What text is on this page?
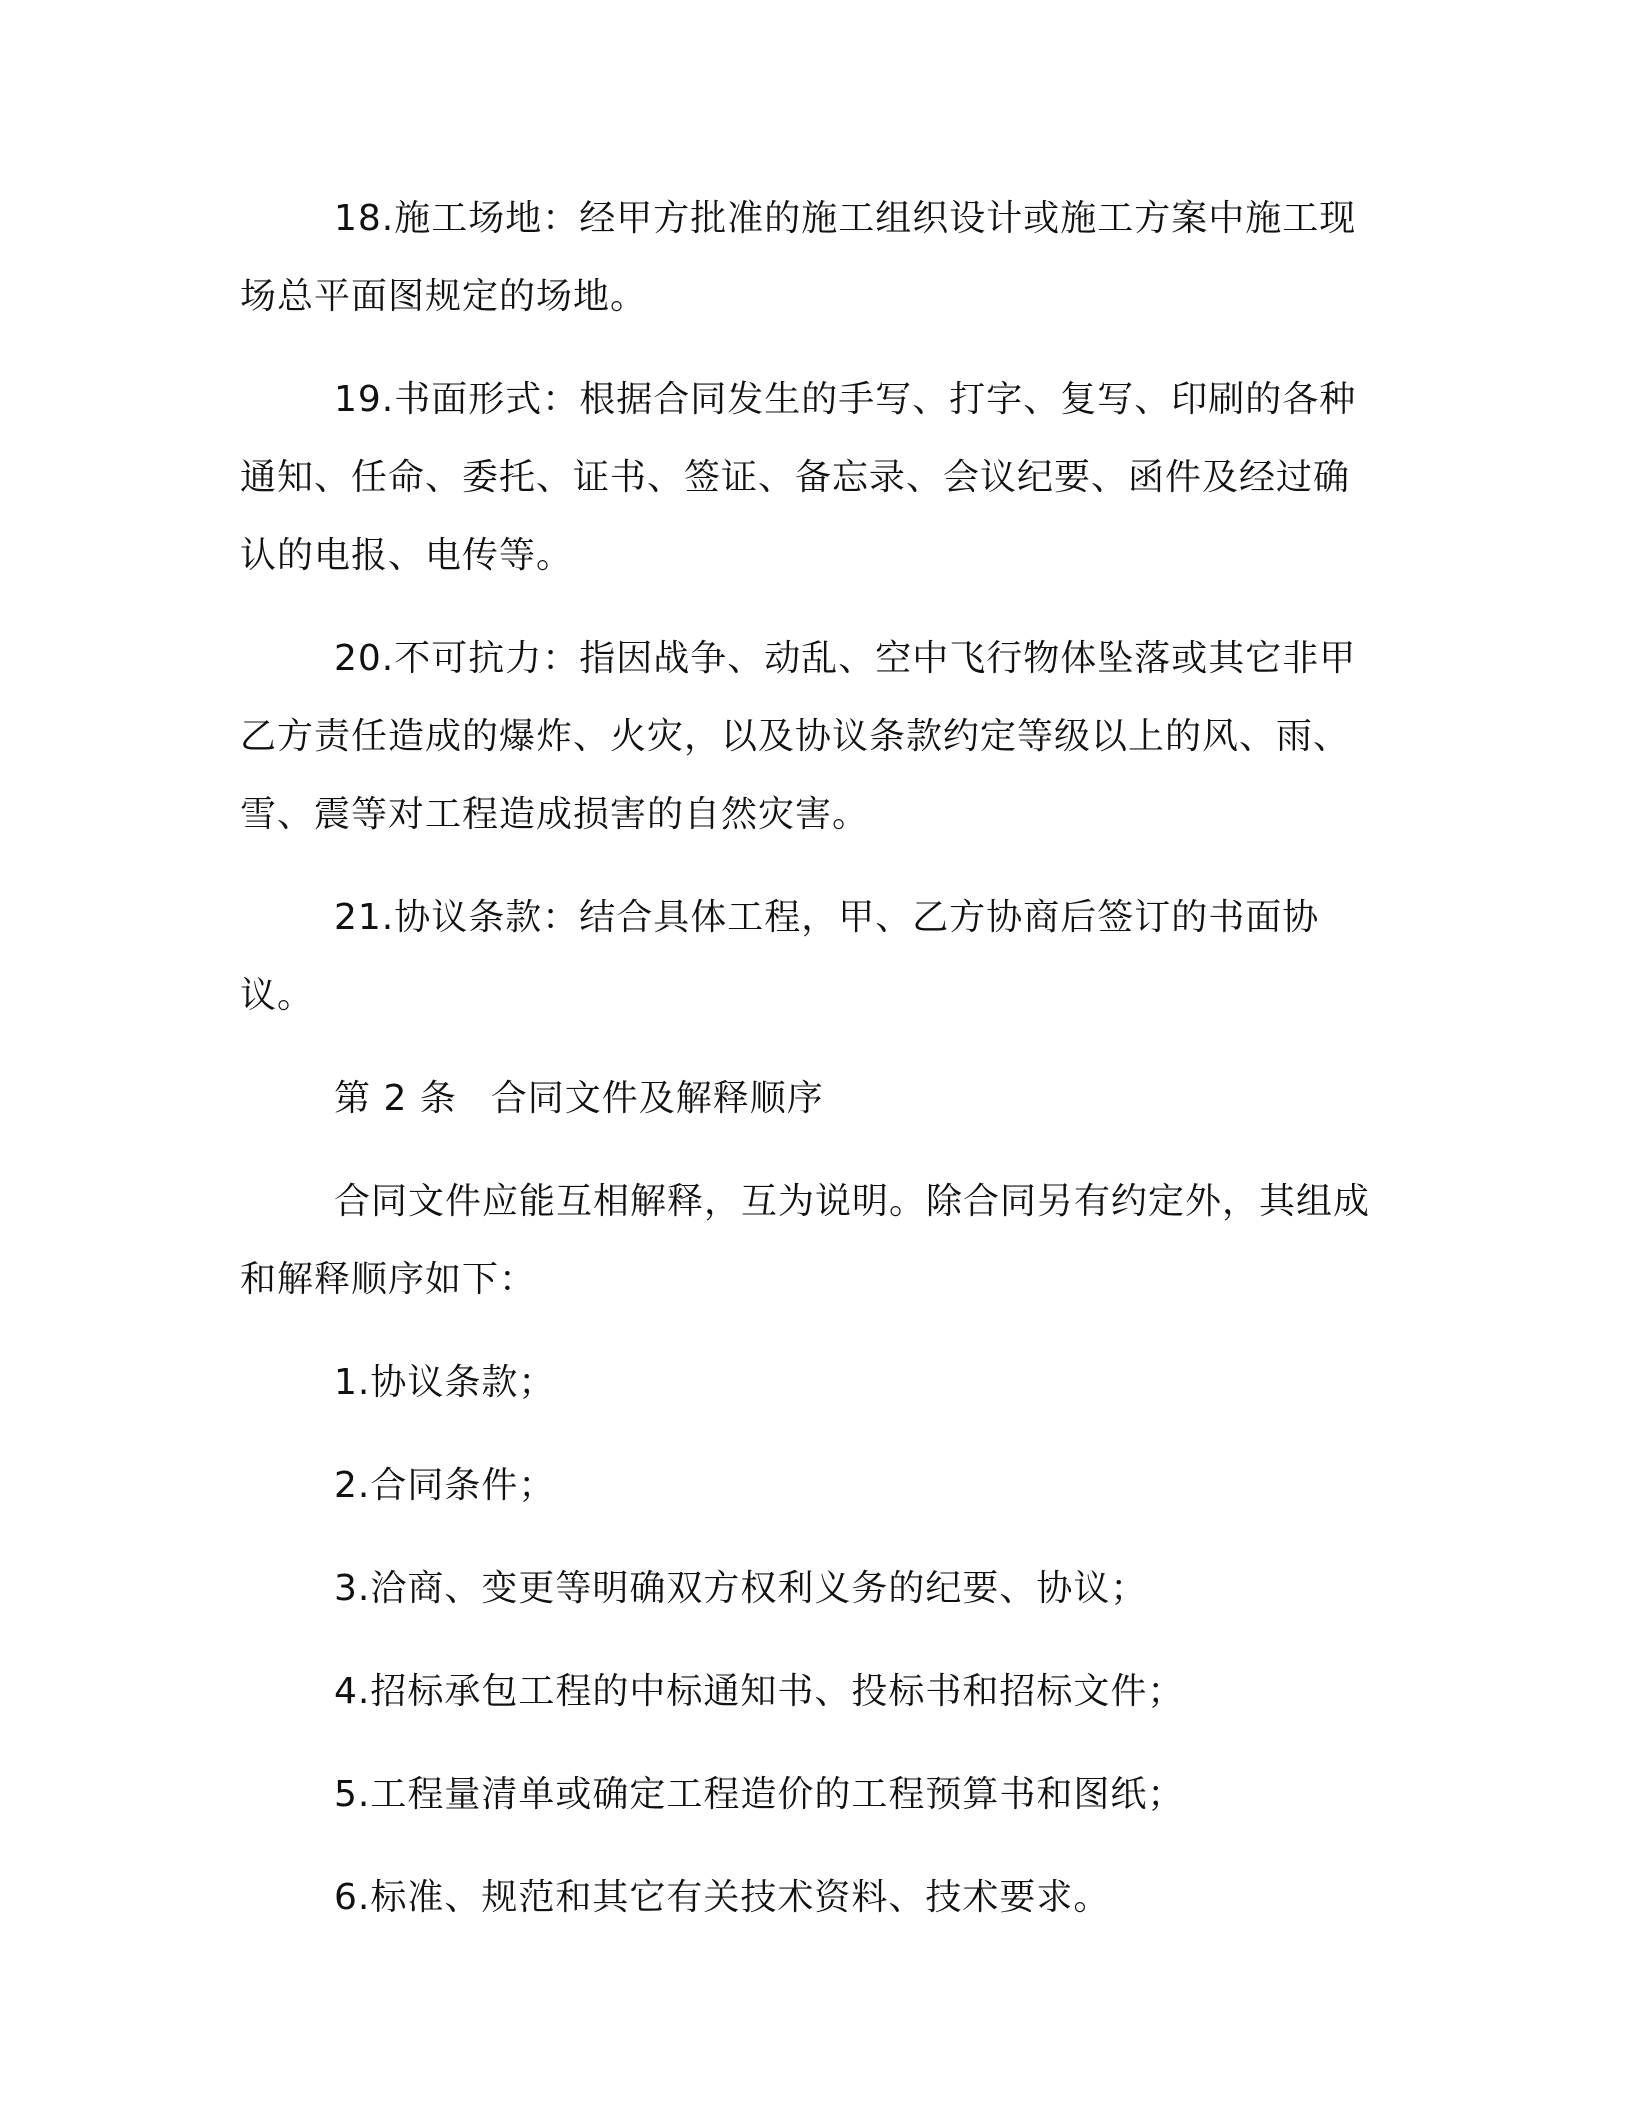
18.施工场地：经甲方批准的施工组织设计或施工方案中施工现场总平面图规定的场地。

19.书面形式：根据合同发生的手写、打字、复写、印刷的各种通知、任命、委托、证书、签证、备忘录、会议纪要、函件及经过确认的电报、电传等。

20.不可抗力：指因战争、动乱、空中飞行物体坠落或其它非甲乙方责任造成的爆炸、火灾，以及协议条款约定等级以上的风、雨、雪、震等对工程造成损害的自然灾害。

21.协议条款：结合具体工程，甲、乙方协商后签订的书面协议。

第 2 条 合同文件及解释顺序

合同文件应能互相解释，互为说明。除合同另有约定外，其组成和解释顺序如下：

1.协议条款；

2.合同条件；

3.洽商、变更等明确双方权利义务的纪要、协议；

4.招标承包工程的中标通知书、投标书和招标文件；

5.工程量清单或确定工程造价的工程预算书和图纸；

6.标准、规范和其它有关技术资料、技术要求。
